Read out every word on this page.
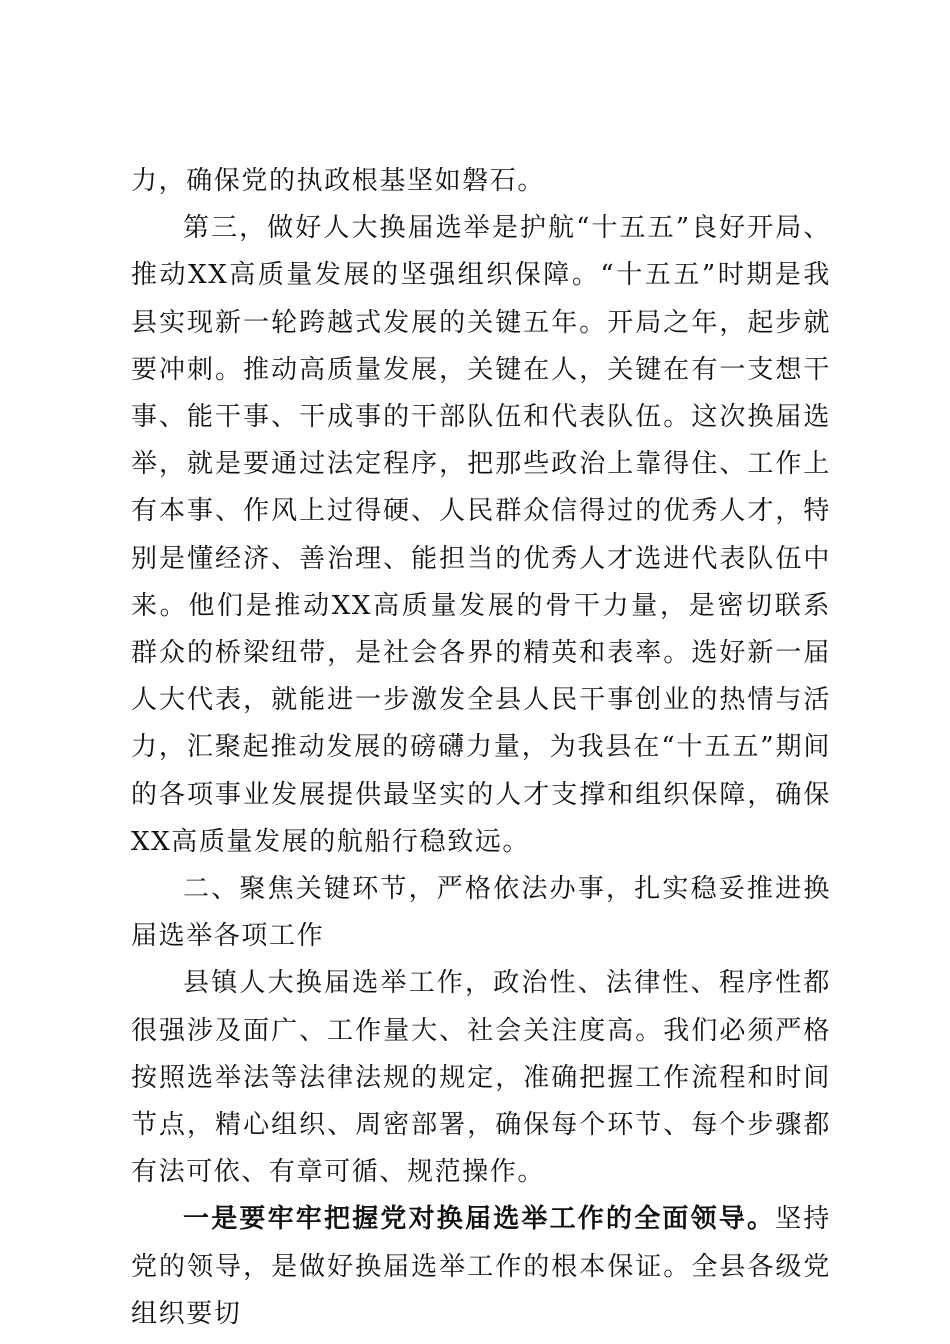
力，确保党的执政根基坚如磐石。

第三，做好人大换届选举是护航“十五五”良好开局、推动XX高质量发展的坚强组织保障。“十五五”时期是我县实现新一轮跨越式发展的关键五年。开局之年，起步就要冲刺。推动高质量发展，关键在人，关键在有一支想干事、能干事、干成事的干部队伍和代表队伍。这次换届选举，就是要通过法定程序，把那些政治上靠得住、工作上有本事、作风上过得硬、人民群众信得过的优秀人才，特别是懂经济、善治理、能担当的优秀人才选进代表队伍中来。他们是推动XX高质量发展的骨干力量，是密切联系群众的桥梁纽带，是社会各界的精英和表率。选好新一届人大代表，就能进一步激发全县人民干事创业的热情与活力，汇聚起推动发展的磅礴力量，为我县在“十五五”期间的各项事业发展提供最坚实的人才支撑和组织保障，确保XX高质量发展的航船行稳致远。

二、聚焦关键环节，严格依法办事，扎实稳妥推进换届选举各项工作

县镇人大换届选举工作，政治性、法律性、程序性都很强涉及面广、工作量大、社会关注度高。我们必须严格按照选举法等法律法规的规定，准确把握工作流程和时间节点，精心组织、周密部署，确保每个环节、每个步骤都有法可依、有章可循、规范操作。

一是要牢牢把握党对换届选举工作的全面领导。坚持党的领导，是做好换届选举工作的根本保证。全县各级党组织要切
